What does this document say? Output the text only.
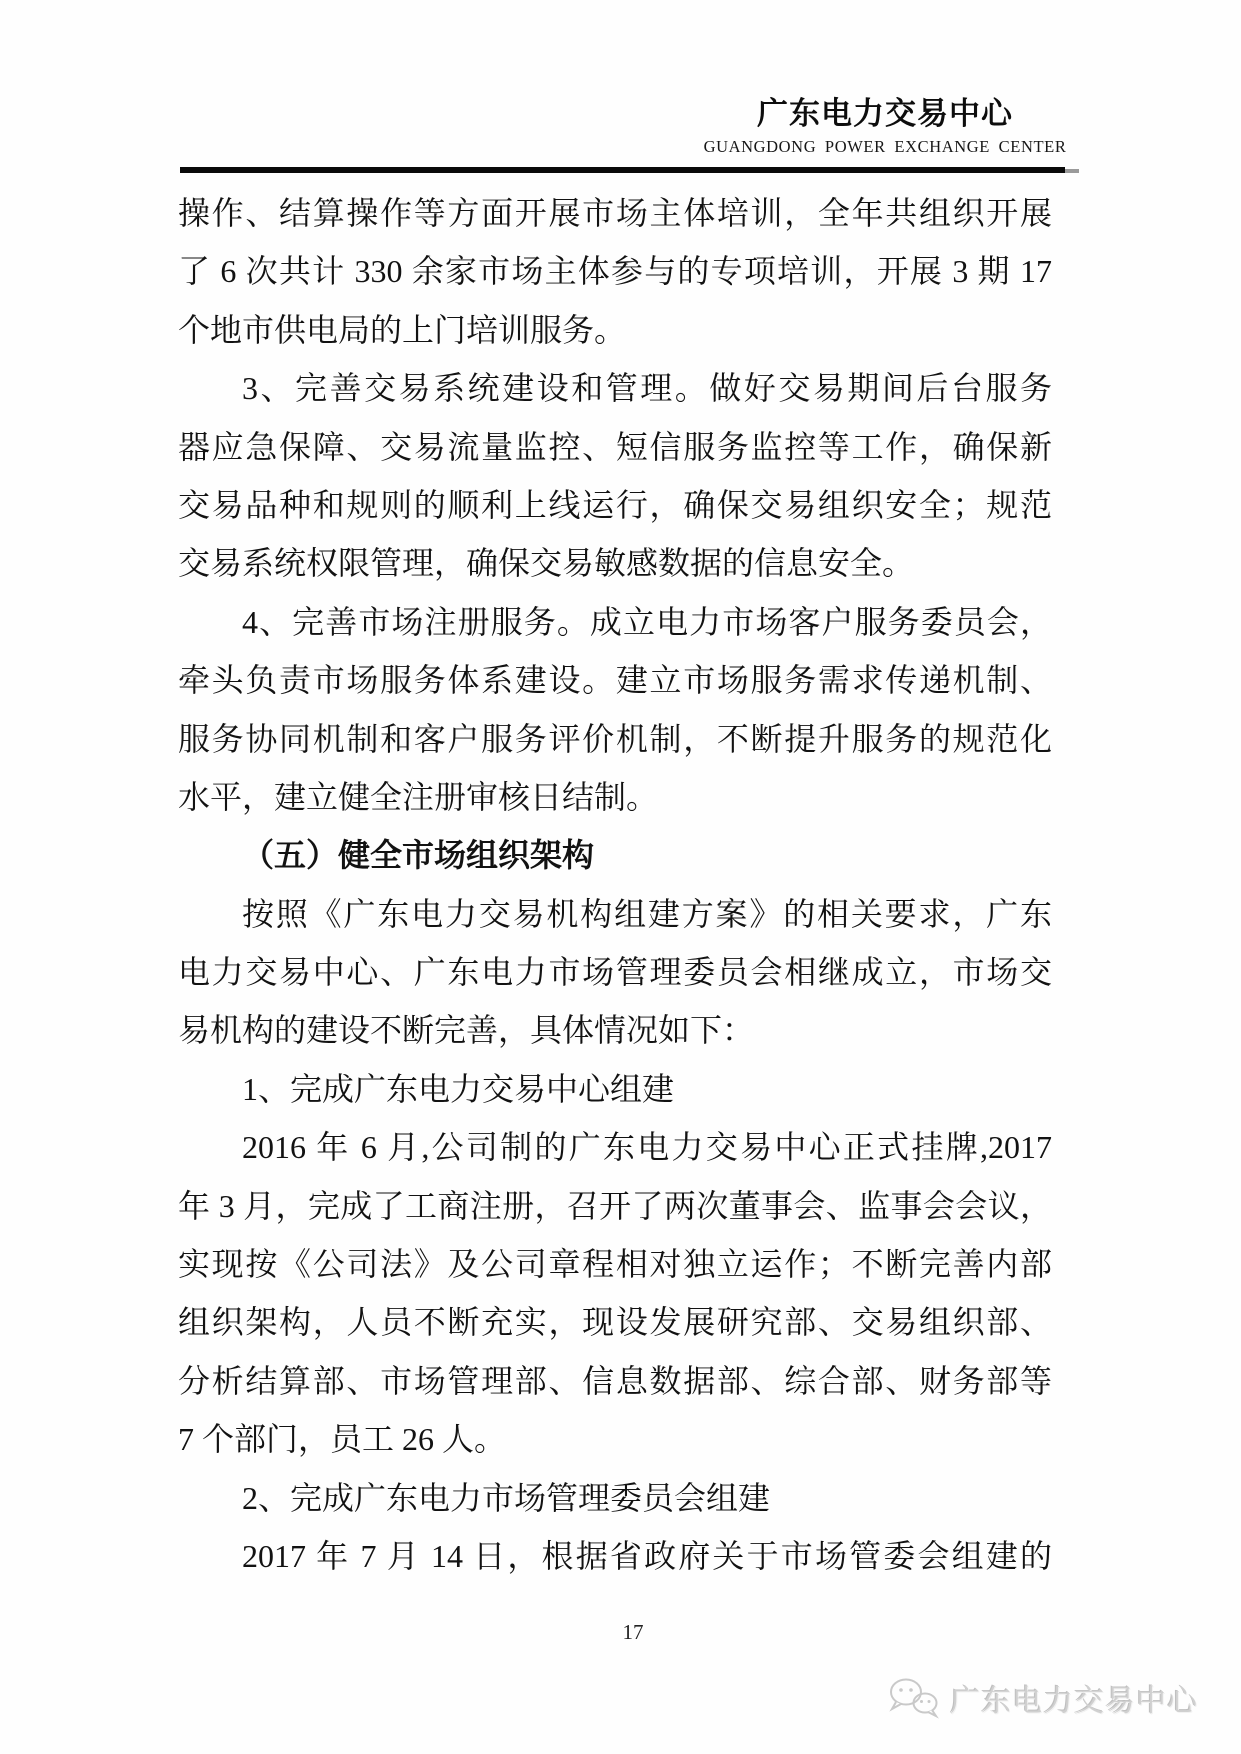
广东电力交易中心
GUANGDONG POWER EXCHANGE CENTER
操作、结算操作等方面开展市场主体培训，全年共组织开展
了 6 次共计 330 余家市场主体参与的专项培训，开展 3 期 17
个地市供电局的上门培训服务。
3、完善交易系统建设和管理。做好交易期间后台服务
器应急保障、交易流量监控、短信服务监控等工作，确保新
交易品种和规则的顺利上线运行，确保交易组织安全；规范
交易系统权限管理，确保交易敏感数据的信息安全。
4、完善市场注册服务。成立电力市场客户服务委员会，
牵头负责市场服务体系建设。建立市场服务需求传递机制、
服务协同机制和客户服务评价机制，不断提升服务的规范化
水平，建立健全注册审核日结制。
（五）健全市场组织架构
按照《广东电力交易机构组建方案》的相关要求，广东
电力交易中心、广东电力市场管理委员会相继成立，市场交
易机构的建设不断完善，具体情况如下：
1、完成广东电力交易中心组建
2016 年 6 月,公司制的广东电力交易中心正式挂牌,2017
年 3 月，完成了工商注册，召开了两次董事会、监事会会议，
实现按《公司法》及公司章程相对独立运作；不断完善内部
组织架构，人员不断充实，现设发展研究部、交易组织部、
分析结算部、市场管理部、信息数据部、综合部、财务部等
7 个部门，员工 26 人。
2、完成广东电力市场管理委员会组建
2017 年 7 月 14 日，根据省政府关于市场管委会组建的
17
广东电力交易中心
